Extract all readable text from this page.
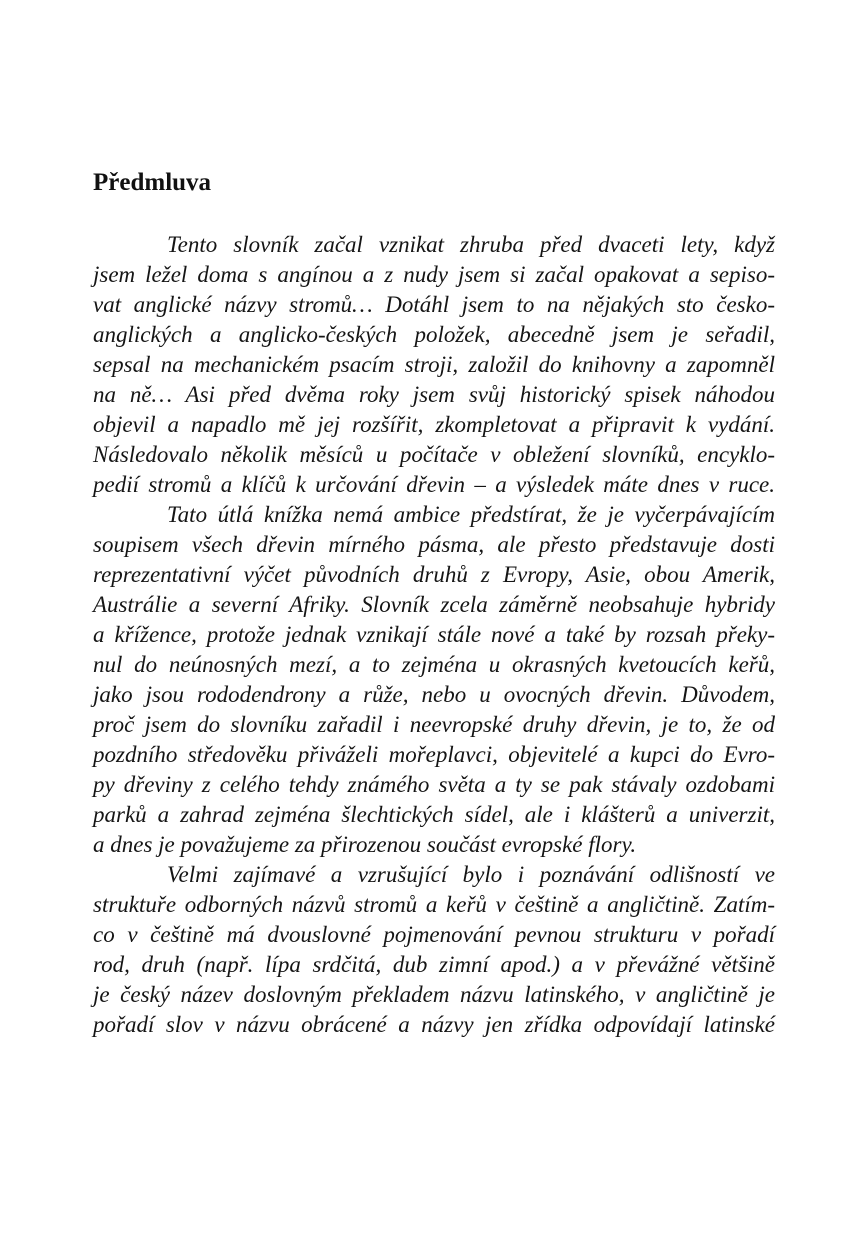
Předmluva
Tento slovník začal vznikat zhruba před dvaceti lety, když
jsem ležel doma s angínou a z nudy jsem si začal opakovat a sepiso-
vat anglické názvy stromů… Dotáhl jsem to na nějakých sto česko-
anglických a anglicko-českých položek, abecedně jsem je seřadil,
sepsal na mechanickém psacím stroji, založil do knihovny a zapomněl
na ně… Asi před dvěma roky jsem svůj historický spisek náhodou
objevil a napadlo mě jej rozšířit, zkompletovat a připravit k vydání.
Následovalo několik měsíců u počítače v obležení slovníků, encyklo-
pedií stromů a klíčů k určování dřevin – a výsledek máte dnes v ruce.
Tato útlá knížka nemá ambice předstírat, že je vyčerpávajícím
soupisem všech dřevin mírného pásma, ale přesto představuje dosti
reprezentativní výčet původních druhů z Evropy, Asie, obou Amerik,
Austrálie a severní Afriky. Slovník zcela záměrně neobsahuje hybridy
a křížence, protože jednak vznikají stále nové a také by rozsah překy-
nul do neúnosných mezí, a to zejména u okrasných kvetoucích keřů,
jako jsou rododendrony a růže, nebo u ovocných dřevin. Důvodem,
proč jsem do slovníku zařadil i neevropské druhy dřevin, je to, že od
pozdního středověku přiváželi mořeplavci, objevitelé a kupci do Evro-
py dřeviny z celého tehdy známého světa a ty se pak stávaly ozdobami
parků a zahrad zejména šlechtických sídel, ale i klášterů a univerzit,
a dnes je považujeme za přirozenou součást evropské flory.
Velmi zajímavé a vzrušující bylo i poznávání odlišností ve
struktuře odborných názvů stromů a keřů v češtině a angličtině. Zatím-
co v češtině má dvouslovné pojmenování pevnou strukturu v pořadí
rod, druh (např. lípa srdčitá, dub zimní apod.) a v převážné většině
je český název doslovným překladem názvu latinského, v angličtině je
pořadí slov v názvu obrácené a názvy jen zřídka odpovídají latinské
